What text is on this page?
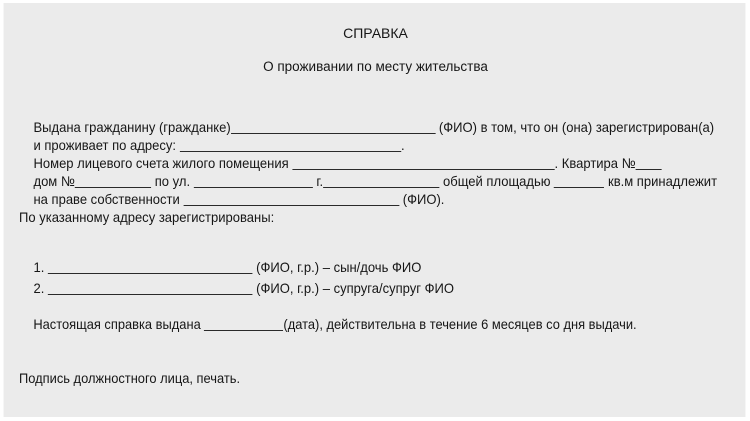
СПРАВКА
О проживании по месту жительства

Выдана гражданину (гражданке)	(ФИО) в том, что он (она) зарегистрирован(а)

и проживает по адресу:	.

Номер лицевого счета жилого помещения	. Квартира №

дом №	по ул.	г.	общей площадью	кв.м принадлежит

на праве собственности	(ФИО).

По указанному адресу зарегистрированы:

1.	(ФИО, г.р.) – сын/дочь ФИО

2.	(ФИО, г.р.) – супруга/супруг ФИО

Настоящая справка выдана	(дата), действительна в течение 6 месяцев со дня выдачи.

Подпись должностного лица, печать.
